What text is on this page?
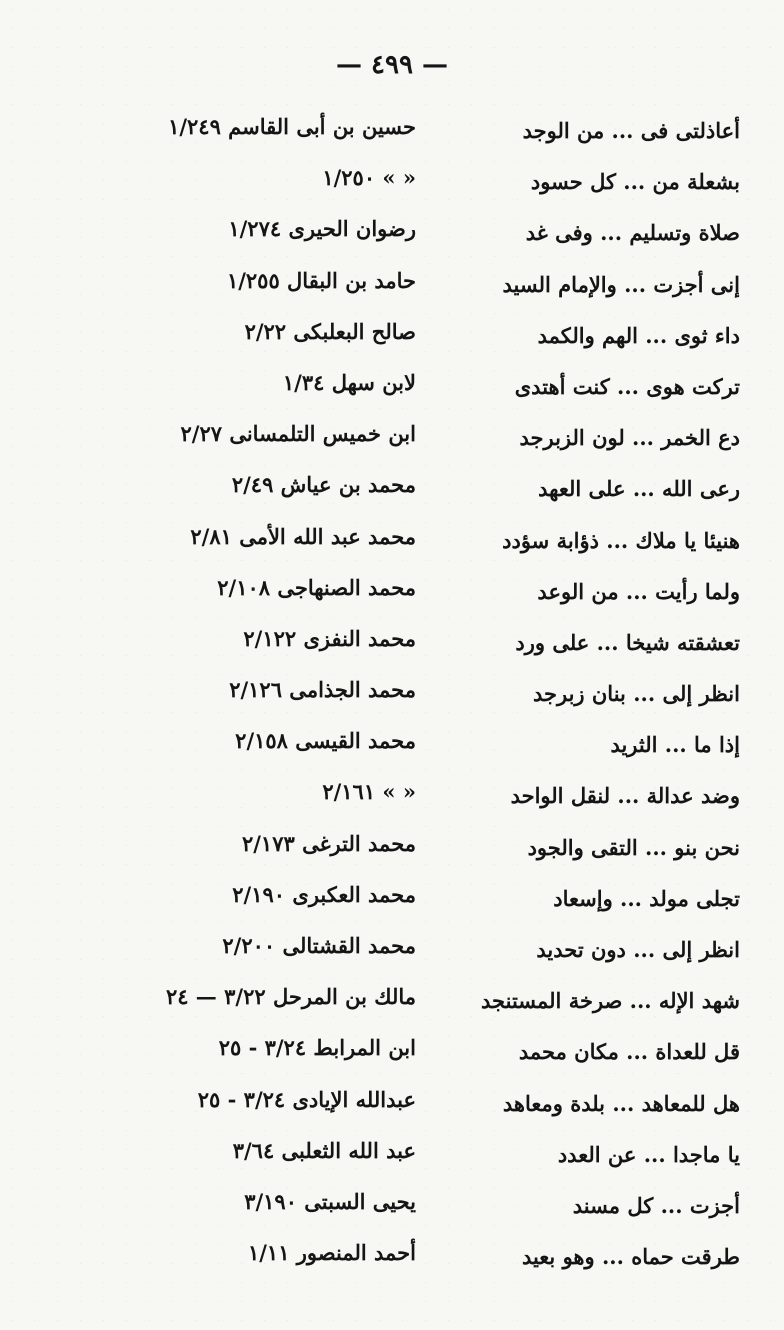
— ٤٩٩ —
أعاذلتى فى ... من الوجد
حسين بن أبى القاسم ١/٢٤٩
بشعلة من ... كل حسود
« » ١/٢٥٠
صلاة وتسليم ... وفى غد
رضوان الحيرى ١/٢٧٤
إنى أجزت ... والإمام السيد
حامد بن البقال ١/٢٥٥
داء ثوى ... الهم والكمد
صالح البعلبكى ٢/٢٢
تركت هوى ... كنت أهتدى
لابن سهل ١/٣٤
دع الخمر ... لون الزبرجد
ابن خميس التلمسانى ٢/٢٧
رعى الله ... على العهد
محمد بن عياش ٢/٤٩
هنيئا يا ملاك ... ذؤابة سؤدد
محمد عبد الله الأمى ٢/٨١
ولما رأيت ... من الوعد
محمد الصنهاجى ٢/١٠٨
تعشقته شيخا ... على ورد
محمد النفزى ٢/١٢٢
انظر إلى ... بنان زبرجد
محمد الجذامى ٢/١٢٦
إذا ما ... الثريد
محمد القيسى ٢/١٥٨
وضد عدالة ... لنقل الواحد
« » ٢/١٦١
نحن بنو ... التقى والجود
محمد الترغى ٢/١٧٣
تجلى مولد ... وإسعاد
محمد العكبرى ٢/١٩٠
انظر إلى ... دون تحديد
محمد القشتالى ٢/٢٠٠
شهد الإله ... صرخة المستنجد
مالك بن المرحل ٣/٢٢ — ٢٤
قل للعداة ... مكان محمد
ابن المرابط ٣/٢٤ - ٢٥
هل للمعاهد ... بلدة ومعاهد
عبدالله الإيادى ٣/٢٤ - ٢٥
يا ماجدا ... عن العدد
عبد الله الثعلبى ٣/٦٤
أجزت ... كل مسند
يحيى السبتى ٣/١٩٠
طرقت حماه ... وهو بعيد
أحمد المنصور ١/١١
